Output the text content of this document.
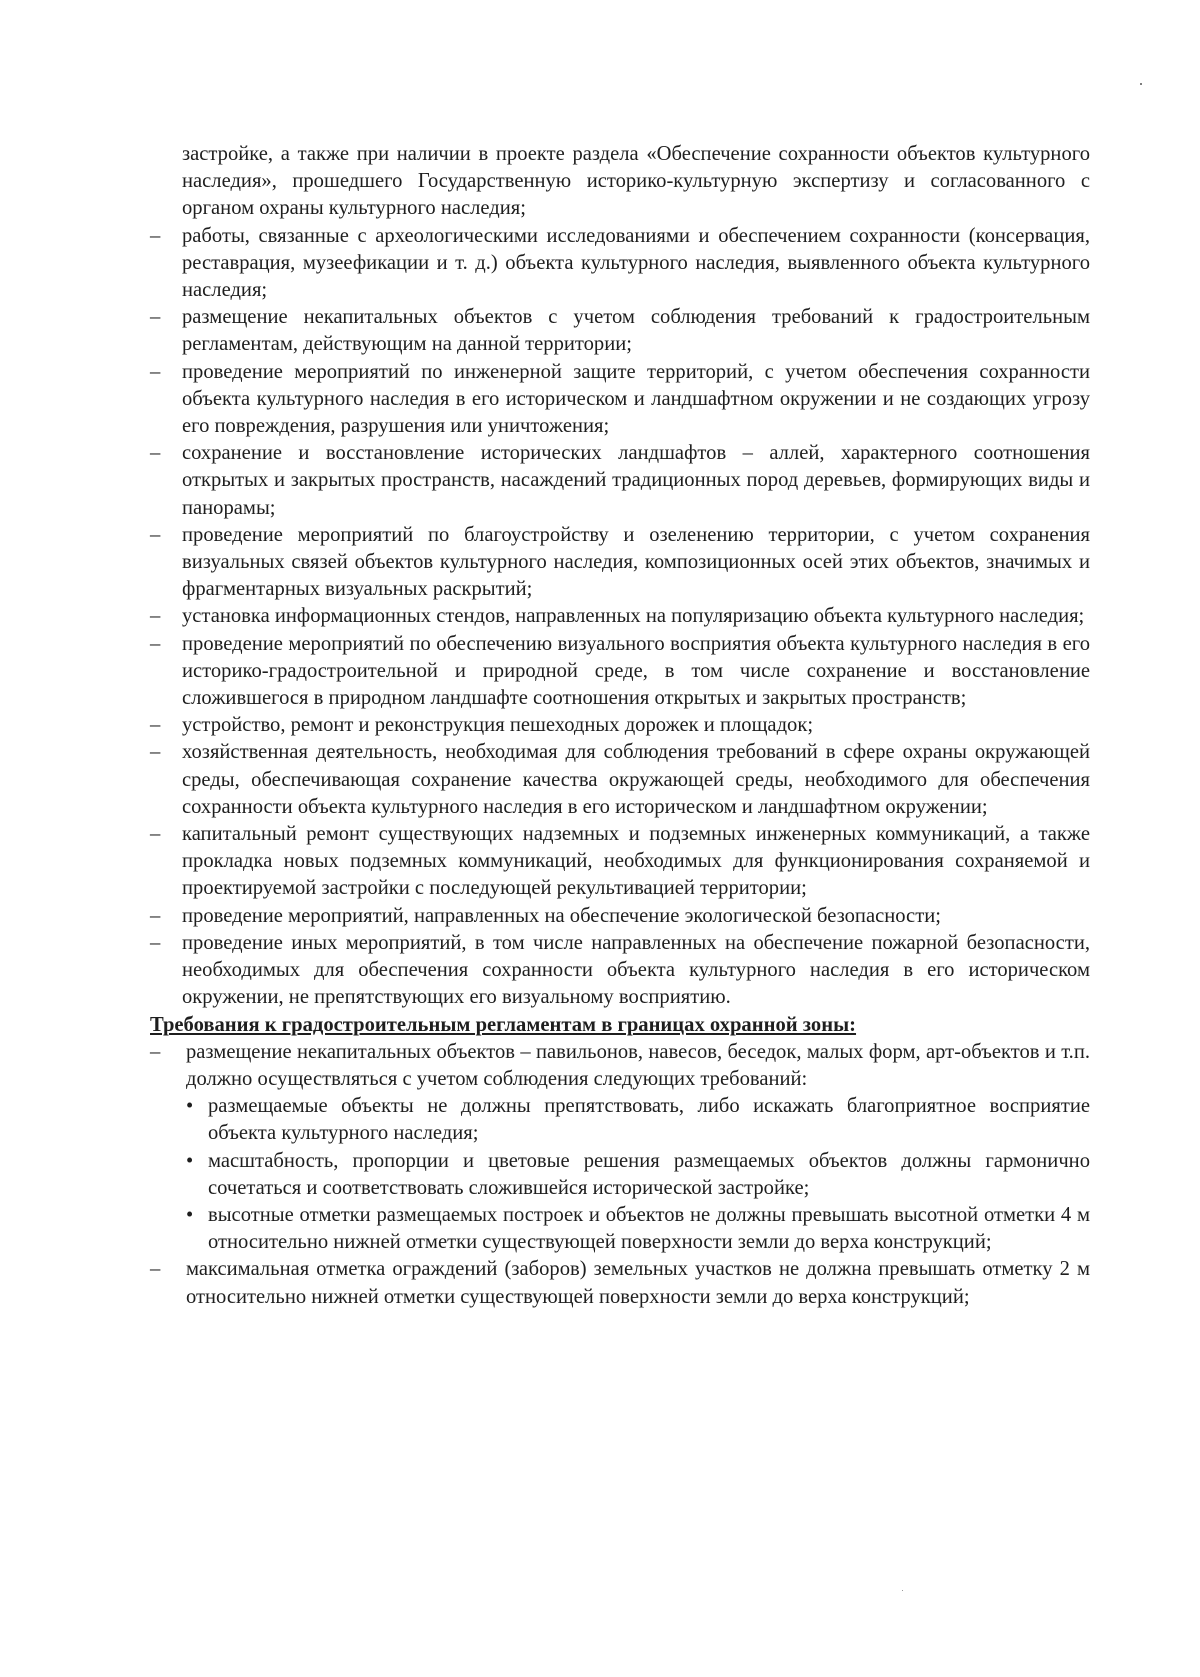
застройке, а также при наличии в проекте раздела «Обеспечение сохранности объектов культурного наследия», прошедшего Государственную историко-культурную экспертизу и согласованного с органом охраны культурного наследия;

–	работы, связанные с археологическими исследованиями и обеспечением сохранности (консервация, реставрация, музеефикации и т. д.) объекта культурного наследия, выявленного объекта культурного наследия;

–	размещение некапитальных объектов с учетом соблюдения требований к градостроительным регламентам, действующим на данной территории;

–	проведение мероприятий по инженерной защите территорий, с учетом обеспечения сохранности объекта культурного наследия в его историческом и ландшафтном окружении и не создающих угрозу его повреждения, разрушения или уничтожения;

–	сохранение и восстановление исторических ландшафтов – аллей, характерного соотношения открытых и закрытых пространств, насаждений традиционных пород деревьев, формирующих виды и панорамы;

–	проведение мероприятий по благоустройству и озеленению территории, с учетом сохранения визуальных связей объектов культурного наследия, композиционных осей этих объектов, значимых и фрагментарных визуальных раскрытий;

–	установка информационных стендов, направленных на популяризацию объекта культурного наследия;

–	проведение мероприятий по обеспечению визуального восприятия объекта культурного наследия в его историко-градостроительной и природной среде, в том числе сохранение и восстановление сложившегося в природном ландшафте соотношения открытых и закрытых пространств;

–	устройство, ремонт и реконструкция пешеходных дорожек и площадок;

–	хозяйственная деятельность, необходимая для соблюдения требований в сфере охраны окружающей среды, обеспечивающая сохранение качества окружающей среды, необходимого для обеспечения сохранности объекта культурного наследия в его историческом и ландшафтном окружении;

–	капитальный ремонт существующих надземных и подземных инженерных коммуникаций, а также прокладка новых подземных коммуникаций, необходимых для функционирования сохраняемой и проектируемой застройки с последующей рекультивацией территории;

–	проведение мероприятий, направленных на обеспечение экологической безопасности;

–	проведение иных мероприятий, в том числе направленных на обеспечение пожарной безопасности, необходимых для обеспечения сохранности объекта культурного наследия в его историческом окружении, не препятствующих его визуальному восприятию.

Требования к градостроительным регламентам в границах охранной зоны:

–	размещение некапитальных объектов – павильонов, навесов, беседок, малых форм, арт-объектов и т.п. должно осуществляться с учетом соблюдения следующих требований:

• размещаемые объекты не должны препятствовать, либо искажать благоприятное восприятие объекта культурного наследия;

• масштабность, пропорции и цветовые решения размещаемых объектов должны гармонично сочетаться и соответствовать сложившейся исторической застройке;

• высотные отметки размещаемых построек и объектов не должны превышать высотной отметки 4 м относительно нижней отметки существующей поверхности земли до верха конструкций;

–	максимальная отметка ограждений (заборов) земельных участков не должна превышать отметку 2 м относительно нижней отметки существующей поверхности земли до верха конструкций;
